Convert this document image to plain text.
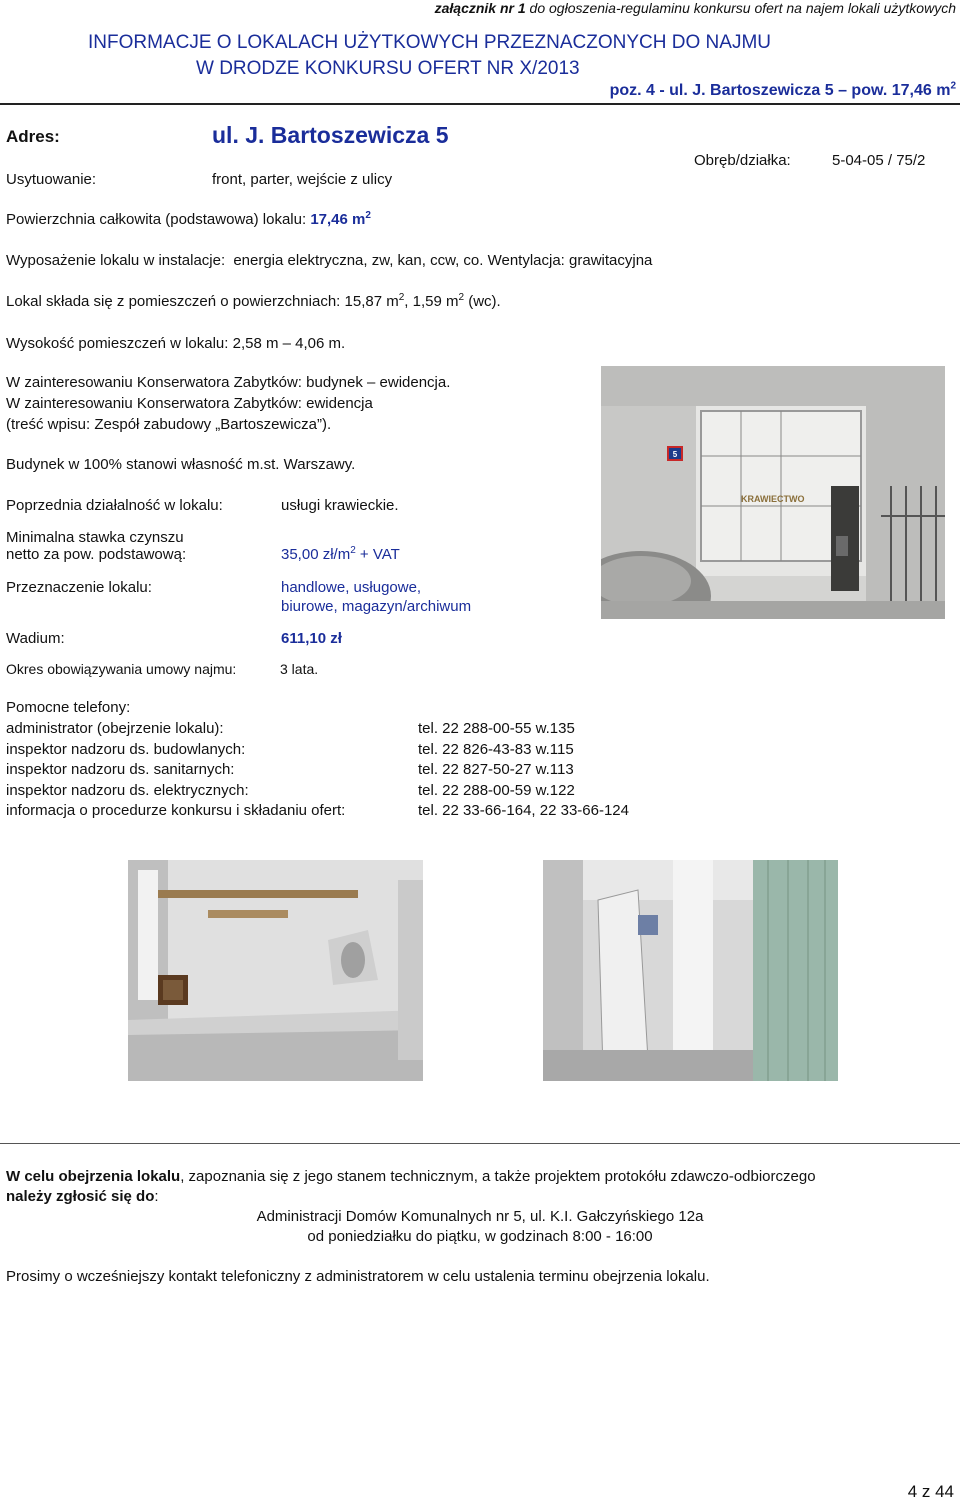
załącznik nr 1 do ogłoszenia-regulaminu konkursu ofert na najem lokali użytkowych
INFORMACJE O LOKALACH UŻYTKOWYCH PRZEZNACZONYCH DO NAJMU
W DRODZE KONKURSU OFERT NR X/2013
poz. 4 - ul. J. Bartoszewicza 5 – pow. 17,46 $m^2$
Adres:	ul. J. Bartoszewicza 5
Usytuowanie:	front, parter, wejście z ulicy
Obręb/działka:	5-04-05 / 75/2
Powierzchnia całkowita (podstawowa) lokalu: 17,46 $m^2$
Wyposażenie lokalu w instalacje: energia elektryczna, zw, kan, ccw, co. Wentylacja: grawitacyjna
Lokal składa się z pomieszczeń o powierzchniach: 15,87 $m^2$, 1,59 $m^2$ (wc).
Wysokość pomieszczeń w lokalu: 2,58 m – 4,06 m.
W zainteresowaniu Konserwatora Zabytków: budynek – ewidencja.
W zainteresowaniu Konserwatora Zabytków: ewidencja
(treść wpisu: Zespół zabudowy „Bartoszewicza”).
Budynek w 100% stanowi własność m.st. Warszawy.
Poprzednia działalność w lokalu:	usługi krawieckie.
Minimalna stawka czynszu
netto za pow. podstawową:	35,00 $zł/m^2$ + VAT
Przeznaczenie lokalu:	handlowe, usługowe,
biurowe, magazyn/archiwum
Wadium:	611,10 zł
Okres obowiązywania umowy najmu:	3 lata.
5
KRAWIECTWO
Pomocne telefony:
administrator (obejrzenie lokalu):	tel. 22 288-00-55 w.135
inspektor nadzoru ds. budowlanych:	tel. 22 826-43-83 w.115
inspektor nadzoru ds. sanitarnych:	tel. 22 827-50-27 w.113
inspektor nadzoru ds. elektrycznych:	tel. 22 288-00-59 w.122
informacja o procedurze konkursu i składaniu ofert:	tel. 22 33-66-164, 22 33-66-124
W celu obejrzenia lokalu, zapoznania się z jego stanem technicznym, a także projektem protokółu zdawczo-odbiorczego
należy zgłosić się do:
Administracji Domów Komunalnych nr 5, ul. K.I. Gałczyńskiego 12a
od poniedziałku do piątku, w godzinach 8:00 - 16:00
Prosimy o wcześniejszy kontakt telefoniczny z administratorem w celu ustalenia terminu obejrzenia lokalu.
4 z 44
